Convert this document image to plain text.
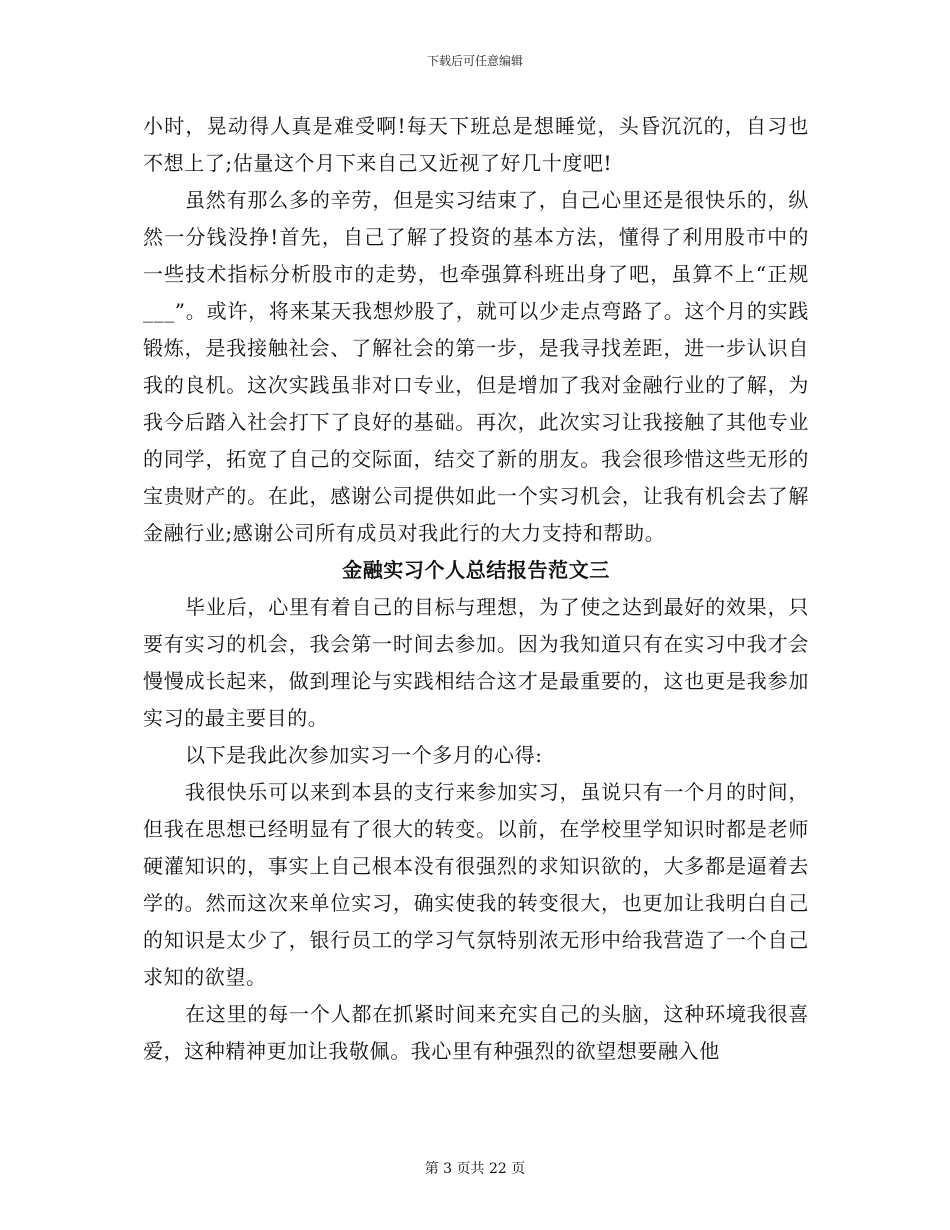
下载后可任意编辑

小时，晃动得人真是难受啊!每天下班总是想睡觉，头昏沉沉的，自习也不想上了;估量这个月下来自己又近视了好几十度吧!

虽然有那么多的辛劳，但是实习结束了，自己心里还是很快乐的，纵然一分钱没挣!首先，自己了解了投资的基本方法，懂得了利用股市中的一些技术指标分析股市的走势，也牵强算科班出身了吧，虽算不上“正规___”。或许，将来某天我想炒股了，就可以少走点弯路了。这个月的实践锻炼，是我接触社会、了解社会的第一步，是我寻找差距，进一步认识自我的良机。这次实践虽非对口专业，但是增加了我对金融行业的了解，为我今后踏入社会打下了良好的基础。再次，此次实习让我接触了其他专业的同学，拓宽了自己的交际面，结交了新的朋友。我会很珍惜这些无形的宝贵财产的。在此，感谢公司提供如此一个实习机会，让我有机会去了解金融行业;感谢公司所有成员对我此行的大力支持和帮助。

金融实习个人总结报告范文三

毕业后，心里有着自己的目标与理想，为了使之达到最好的效果，只要有实习的机会，我会第一时间去参加。因为我知道只有在实习中我才会慢慢成长起来，做到理论与实践相结合这才是最重要的，这也更是我参加实习的最主要目的。

以下是我此次参加实习一个多月的心得:

我很快乐可以来到本县的支行来参加实习，虽说只有一个月的时间，但我在思想已经明显有了很大的转变。以前，在学校里学知识时都是老师硬灌知识的，事实上自己根本没有很强烈的求知识欲的，大多都是逼着去学的。然而这次来单位实习，确实使我的转变很大，也更加让我明白自己的知识是太少了，银行员工的学习气氛特别浓无形中给我营造了一个自己求知的欲望。

在这里的每一个人都在抓紧时间来充实自己的头脑，这种环境我很喜爱，这种精神更加让我敬佩。我心里有种强烈的欲望想要融入他

第 3 页共 22 页
